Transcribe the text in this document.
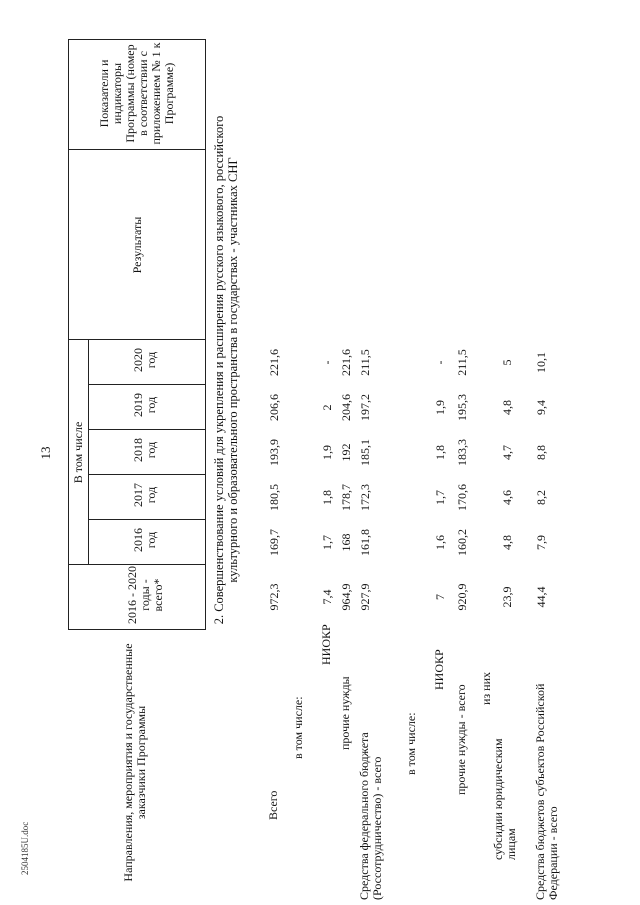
13
Направления, мероприятия и государственные заказчики Программы
2016 - 2020 годы - всего*
В том числе
2016 год
2017 год
2018 год
2019 год
2020 год
Результаты
Показатели и индикаторы Программы (номер в соответствии с приложением № 1 к Программе)
2. Совершенствование условий для укрепления и расширения русского языкового, российского культурного и образовательного пространства в государствах - участниках СНГ
Всего
в том числе:
НИОКР
прочие нужды
Средства федерального бюджета (Россотрудничество) - всего
в том числе:
НИОКР
прочие нужды - всего из них
субсидии юридическим лицам Средства бюджетов субъектов Российской Федерации - всего
972,3
169,7
180,5
193,9
206,6
221,6
7,4
1,7
1,8
1,9
2
-
964,9
168
178,7
192
204,6
221,6
927,9
161,8
172,3
185,1
197,2
211,5
7
1,6
1,7
1,8
1,9
-
920,9
160,2
170,6
183,3
195,3
211,5
23,9
4,8
4,6
4,7
4,8
5
44,4
7,9
8,2
8,8
9,4
10,1
2504185U.doc
